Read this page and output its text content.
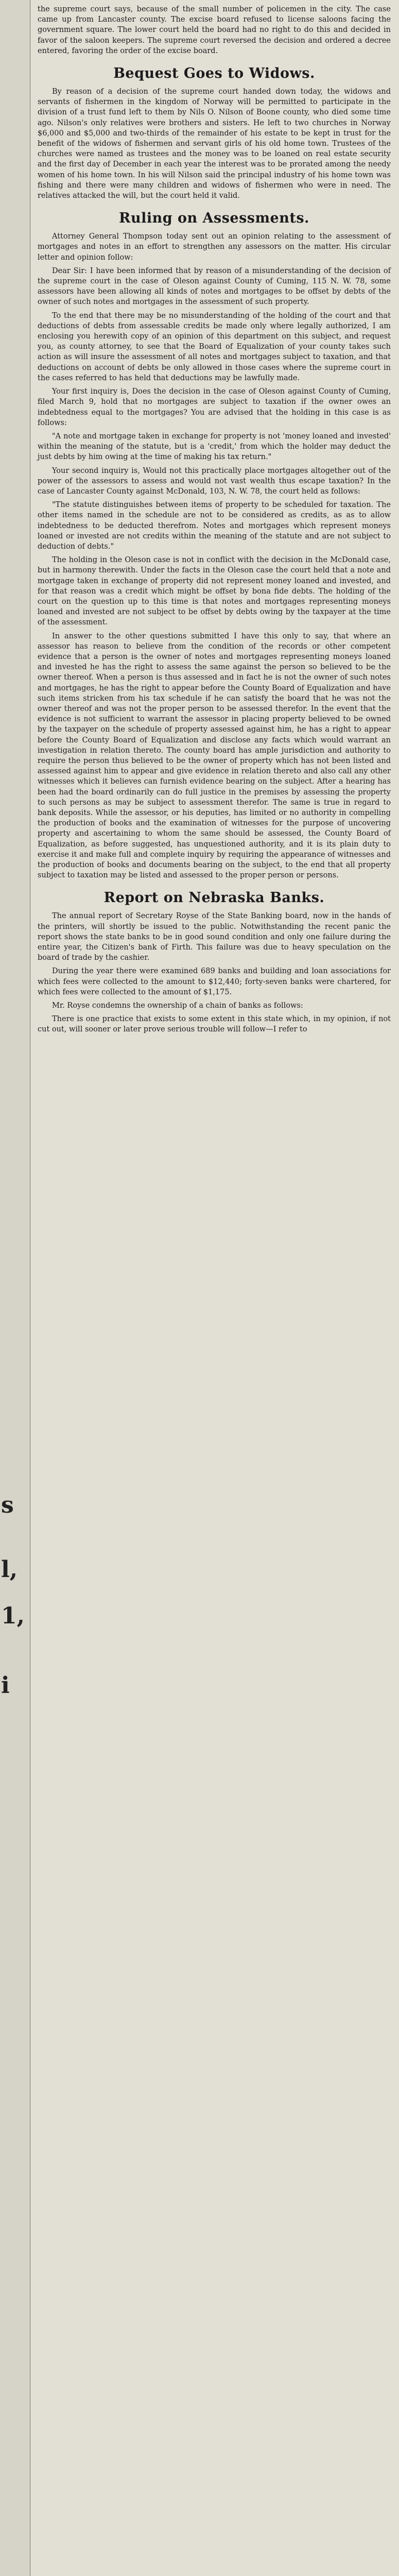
s
l,
1,
i

the supreme court says, because of the small number of policemen in the city. The case came up from Lancaster county. The excise board refused to license saloons facing the government square. The lower court held the board had no right to do this and decided in favor of the saloon keepers. The supreme court reversed the decision and ordered a decree entered, favoring the order of the excise board.

Bequest Goes to Widows.

By reason of a decision of the supreme court handed down today, the widows and servants of fishermen in the kingdom of Norway will be permitted to participate in the division of a trust fund left to them by Nils O. Nilson of Boone county, who died some time ago. Nilson's only relatives were brothers and sisters. He left to two churches in Norway $6,000 and $5,000 and two-thirds of the remainder of his estate to be kept in trust for the benefit of the widows of fishermen and servant girls of his old home town. Trustees of the churches were named as trustees and the money was to be loaned on real estate security and the first day of December in each year the interest was to be prorated among the needy women of his home town. In his will Nilson said the principal industry of his home town was fishing and there were many children and widows of fishermen who were in need. The relatives attacked the will, but the court held it valid.

Ruling on Assessments.

Attorney General Thompson today sent out an opinion relating to the assessment of mortgages and notes in an effort to strengthen any assessors on the matter. His circular letter and opinion follow:

Dear Sir: I have been informed that by reason of a misunderstanding of the decision of the supreme court in the case of Oleson against County of Cuming, 115 N. W. 78, some assessors have been allowing all kinds of notes and mortgages to be offset by debts of the owner of such notes and mortgages in the assessment of such property.

To the end that there may be no misunderstanding of the holding of the court and that deductions of debts from assessable credits be made only where legally authorized, I am enclosing you herewith copy of an opinion of this department on this subject, and request you, as county attorney, to see that the Board of Equalization of your county takes such action as will insure the assessment of all notes and mortgages subject to taxation, and that deductions on account of debts be only allowed in those cases where the supreme court in the cases referred to has held that deductions may be lawfully made.

Your first inquiry is, Does the decision in the case of Oleson against County of Cuming, filed March 9, hold that no mortgages are subject to taxation if the owner owes an indebtedness equal to the mortgages? You are advised that the holding in this case is as follows:

"A note and mortgage taken in exchange for property is not 'money loaned and invested' within the meaning of the statute, but is a 'credit,' from which the holder may deduct the just debts by him owing at the time of making his tax return."

Your second inquiry is, Would not this practically place mortgages altogether out of the power of the assessors to assess and would not vast wealth thus escape taxation? In the case of Lancaster County against McDonald, 103, N. W. 78, the court held as follows:

"The statute distinguishes between items of property to be scheduled for taxation. The other items named in the schedule are not to be considered as credits, as as to allow indebtedness to be deducted therefrom. Notes and mortgages which represent moneys loaned or invested are not credits within the meaning of the statute and are not subject to deduction of debts."

The holding in the Oleson case is not in conflict with the decision in the McDonald case, but in harmony therewith. Under the facts in the Oleson case the court held that a note and mortgage taken in exchange of property did not represent money loaned and invested, and for that reason was a credit which might be offset by bona fide debts. The holding of the court on the question up to this time is that notes and mortgages representing moneys loaned and invested are not subject to be offset by debts owing by the taxpayer at the time of the assessment.

In answer to the other questions submitted I have this only to say, that where an assessor has reason to believe from the condition of the records or other competent evidence that a person is the owner of notes and mortgages representing moneys loaned and invested he has the right to assess the same against the person so believed to be the owner thereof. When a person is thus assessed and in fact he is not the owner of such notes and mortgages, he has the right to appear before the County Board of Equalization and have such items stricken from his tax schedule if he can satisfy the board that he was not the owner thereof and was not the proper person to be assessed therefor. In the event that the evidence is not sufficient to warrant the assessor in placing property believed to be owned by the taxpayer on the schedule of property assessed against him, he has a right to appear before the County Board of Equalization and disclose any facts which would warrant an investigation in relation thereto. The county board has ample jurisdiction and authority to require the person thus believed to be the owner of property which has not been listed and assessed against him to appear and give evidence in relation thereto and also call any other witnesses which it believes can furnish evidence bearing on the subject. After a hearing has been had the board ordinarily can do full justice in the premises by assessing the property to such persons as may be subject to assessment therefor. The same is true in regard to bank deposits. While the assessor, or his deputies, has limited or no authority in compelling the production of books and the examination of witnesses for the purpose of uncovering property and ascertaining to whom the same should be assessed, the County Board of Equalization, as before suggested, has unquestioned authority, and it is its plain duty to exercise it and make full and complete inquiry by requiring the appearance of witnesses and the production of books and documents bearing on the subject, to the end that all property subject to taxation may be listed and assessed to the proper person or persons.

Report on Nebraska Banks.

The annual report of Secretary Royse of the State Banking board, now in the hands of the printers, will shortly be issued to the public. Notwithstanding the recent panic the report shows the state banks to be in good sound condition and only one failure during the entire year, the Citizen's bank of Firth. This failure was due to heavy speculation on the board of trade by the cashier.

During the year there were examined 689 banks and building and loan associations for which fees were collected to the amount to $12,440; forty-seven banks were chartered, for which fees were collected to the amount of $1,175.

Mr. Royse condemns the ownership of a chain of banks as follows:

There is one practice that exists to some extent in this state which, in my opinion, if not cut out, will sooner or later prove serious trouble will follow—I refer to
